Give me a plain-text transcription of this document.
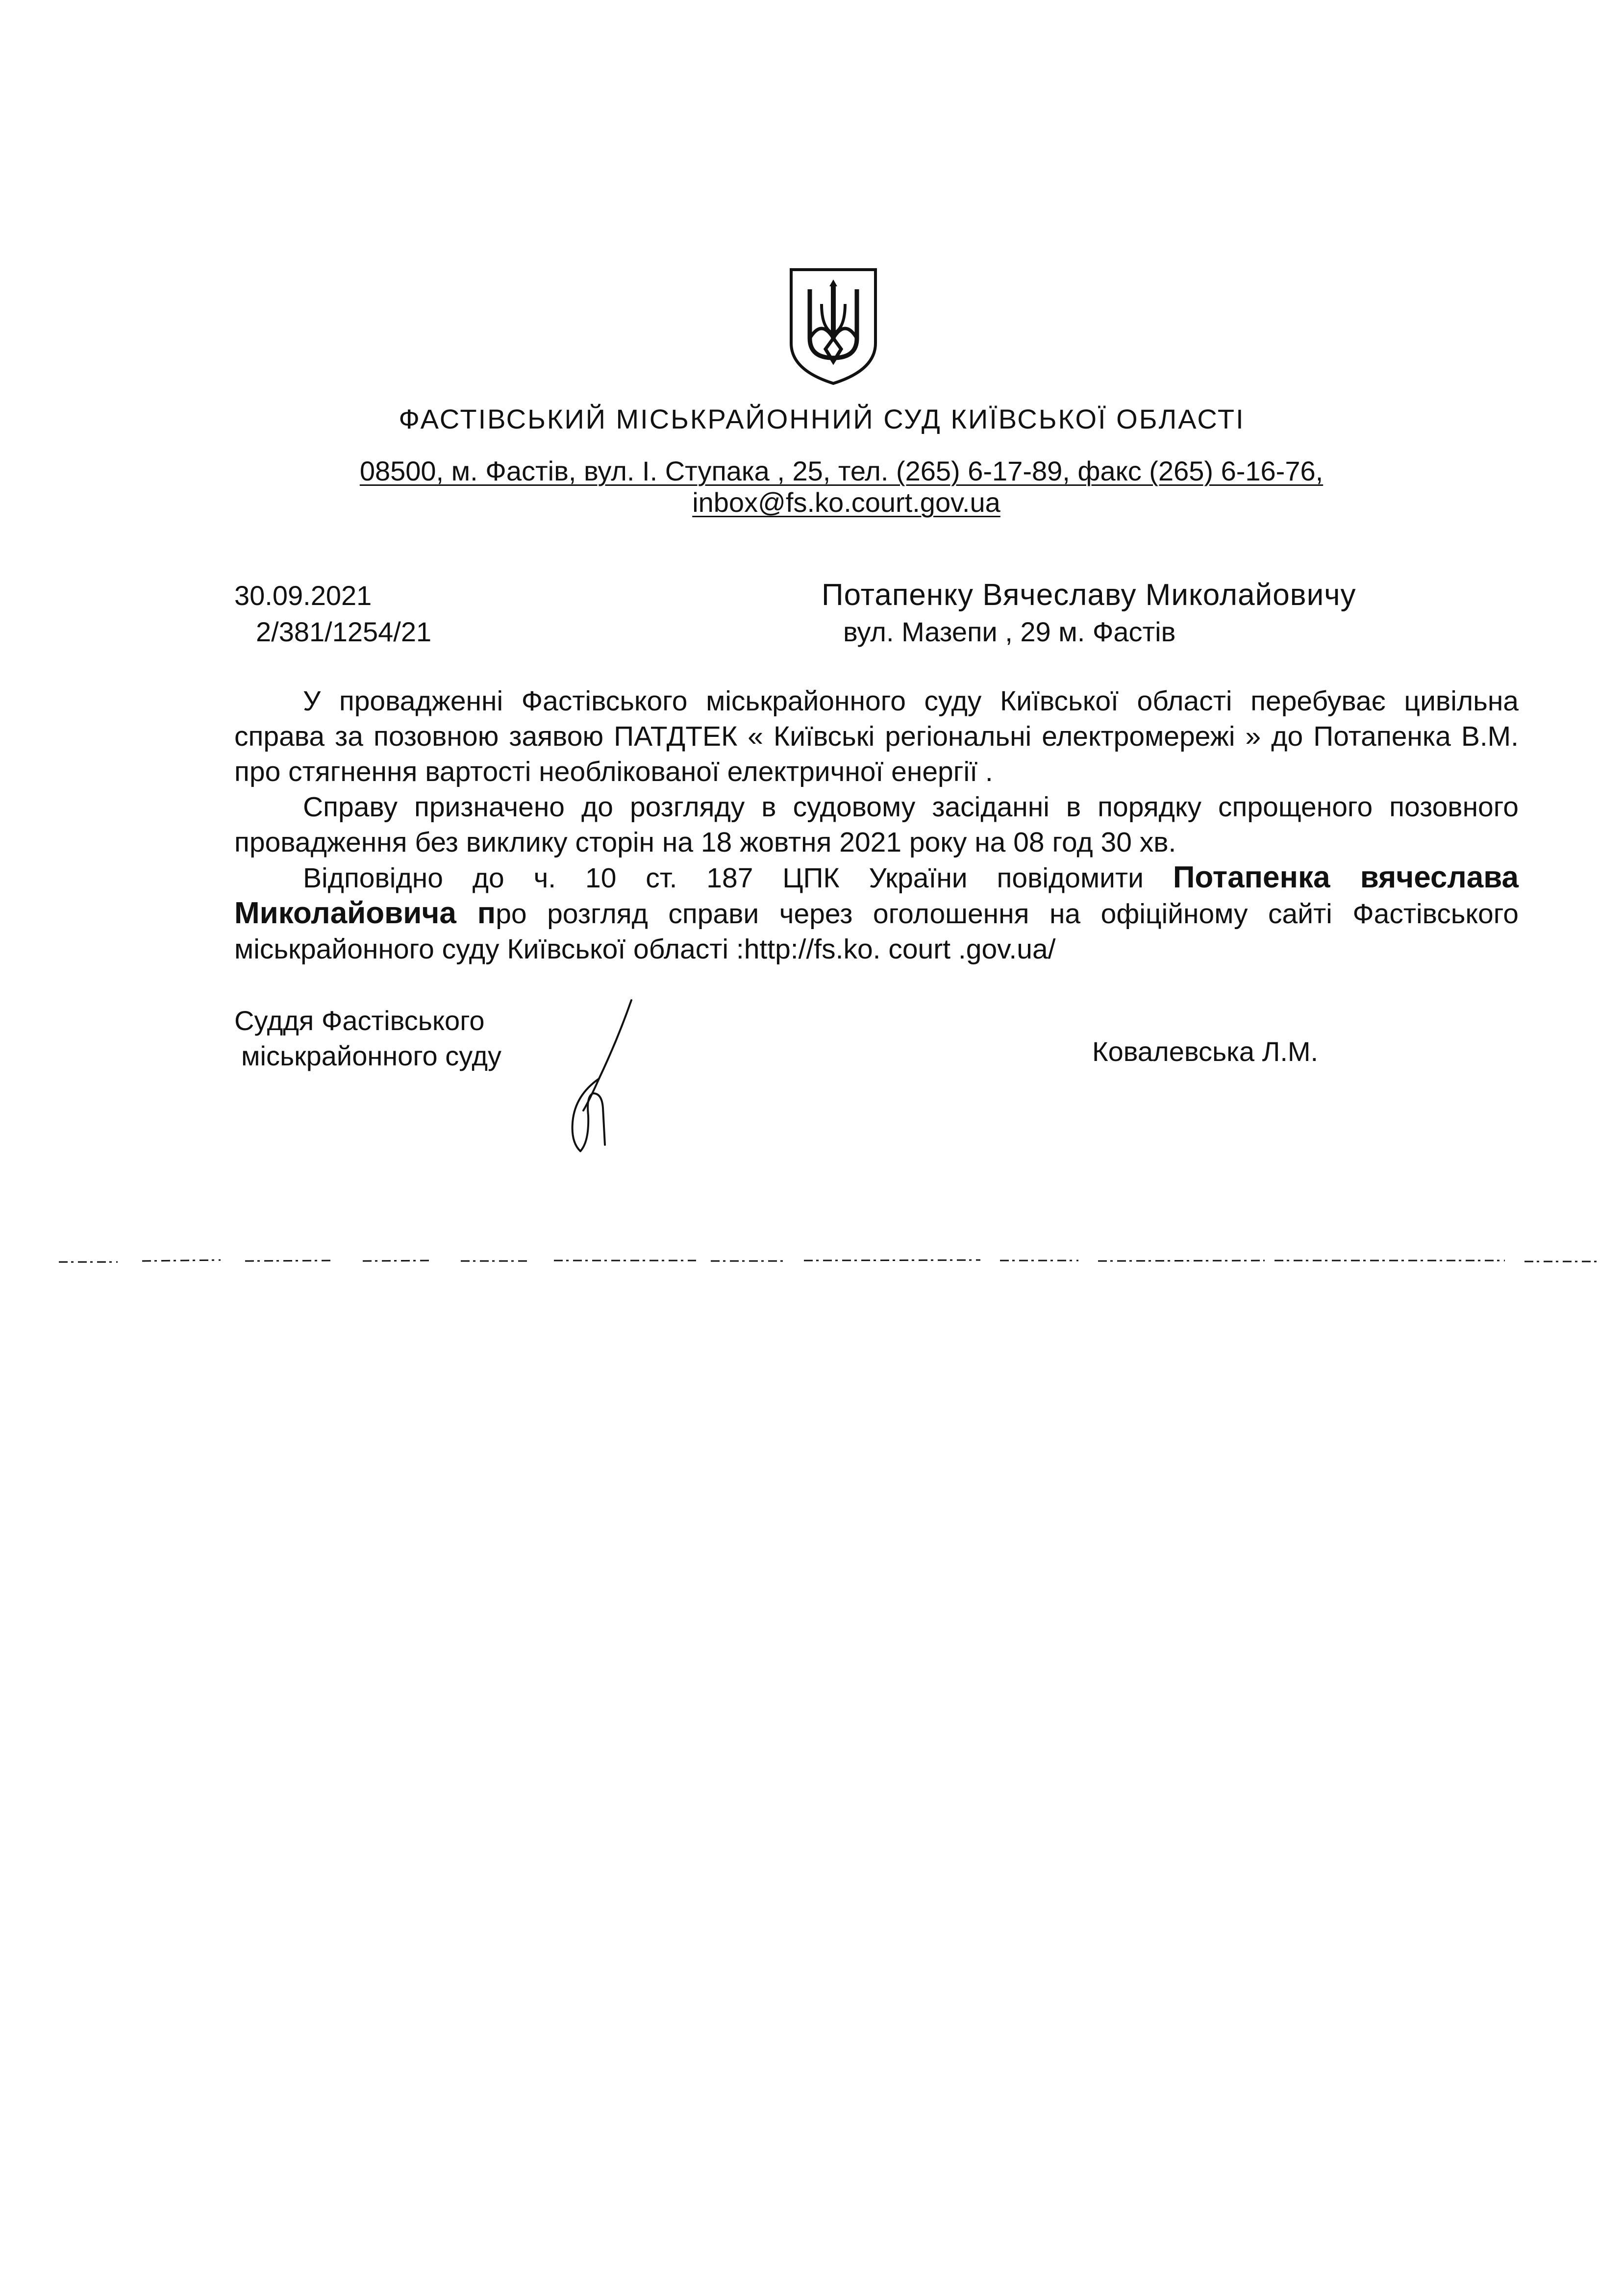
ФАСТІВСЬКИЙ МІСЬКРАЙОННИЙ СУД КИЇВСЬКОЇ ОБЛАСТІ
08500, м. Фастів, вул. І. Ступака , 25, тел. (265) 6-17-89, факс (265) 6-16-76,
inbox@fs.ko.court.gov.ua
30.09.2021
2/381/1254/21
Потапенку Вячеславу Миколайовичу
вул. Мазепи , 29 м. Фастів

У провадженні Фастівського міськрайонного суду Київської області перебуває цивільна справа за позовною заявою ПАТДТЕК « Київські регіональні електромережі » до Потапенка В.М. про стягнення вартості необлікованої електричної енергії .

Справу призначено до розгляду в судовому засіданні в порядку спрощеного позовного провадження без виклику сторін на 18 жовтня 2021 року на 08 год 30 хв.

Відповідно до ч. 10 ст. 187 ЦПК України повідомити Потапенка вячеслава Миколайовича про розгляд справи через оголошення на офіційному сайті Фастівського міськрайонного суду Київської області :http://fs.ko. court .gov.ua/

Суддя Фастівського
міськрайонного суду	Ковалевська Л.М.
